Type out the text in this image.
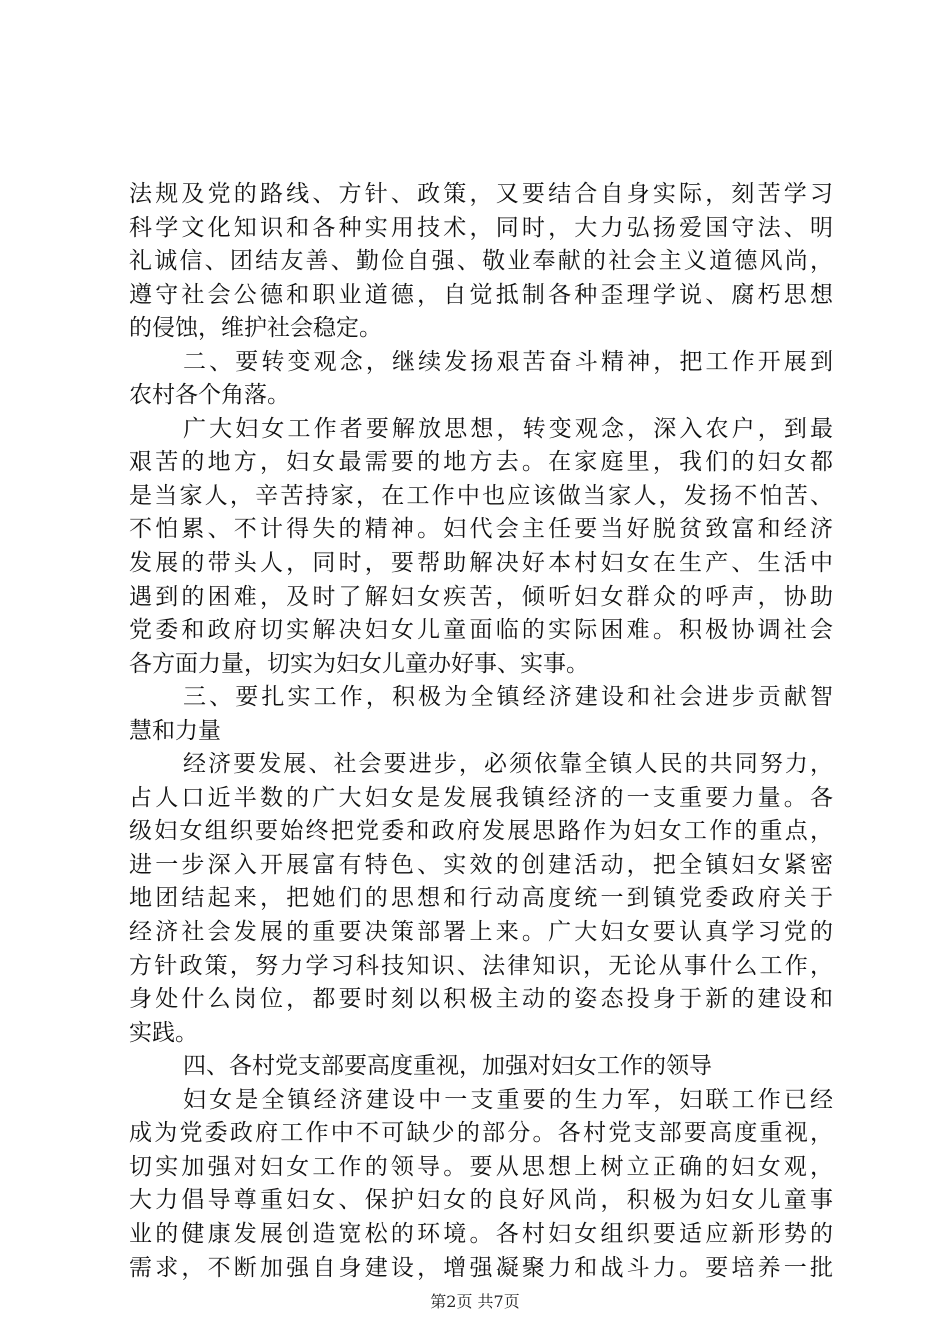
法规及党的路线、方针、政策，又要结合自身实际，刻苦学习
科学文化知识和各种实用技术，同时，大力弘扬爱国守法、明
礼诚信、团结友善、勤俭自强、敬业奉献的社会主义道德风尚，
遵守社会公德和职业道德，自觉抵制各种歪理学说、腐朽思想
的侵蚀，维护社会稳定。
二、要转变观念，继续发扬艰苦奋斗精神，把工作开展到
农村各个角落。
广大妇女工作者要解放思想，转变观念，深入农户，到最
艰苦的地方，妇女最需要的地方去。在家庭里，我们的妇女都
是当家人，辛苦持家，在工作中也应该做当家人，发扬不怕苦、
不怕累、不计得失的精神。妇代会主任要当好脱贫致富和经济
发展的带头人，同时，要帮助解决好本村妇女在生产、生活中
遇到的困难，及时了解妇女疾苦，倾听妇女群众的呼声，协助
党委和政府切实解决妇女儿童面临的实际困难。积极协调社会
各方面力量，切实为妇女儿童办好事、实事。
三、要扎实工作，积极为全镇经济建设和社会进步贡献智
慧和力量
经济要发展、社会要进步，必须依靠全镇人民的共同努力，
占人口近半数的广大妇女是发展我镇经济的一支重要力量。各
级妇女组织要始终把党委和政府发展思路作为妇女工作的重点，
进一步深入开展富有特色、实效的创建活动，把全镇妇女紧密
地团结起来，把她们的思想和行动高度统一到镇党委政府关于
经济社会发展的重要决策部署上来。广大妇女要认真学习党的
方针政策，努力学习科技知识、法律知识，无论从事什么工作，
身处什么岗位，都要时刻以积极主动的姿态投身于新的建设和
实践。
四、各村党支部要高度重视，加强对妇女工作的领导
妇女是全镇经济建设中一支重要的生力军，妇联工作已经
成为党委政府工作中不可缺少的部分。各村党支部要高度重视，
切实加强对妇女工作的领导。要从思想上树立正确的妇女观，
大力倡导尊重妇女、保护妇女的良好风尚，积极为妇女儿童事
业的健康发展创造宽松的环境。各村妇女组织要适应新形势的
需求，不断加强自身建设，增强凝聚力和战斗力。要培养一批
第2页 共7页
